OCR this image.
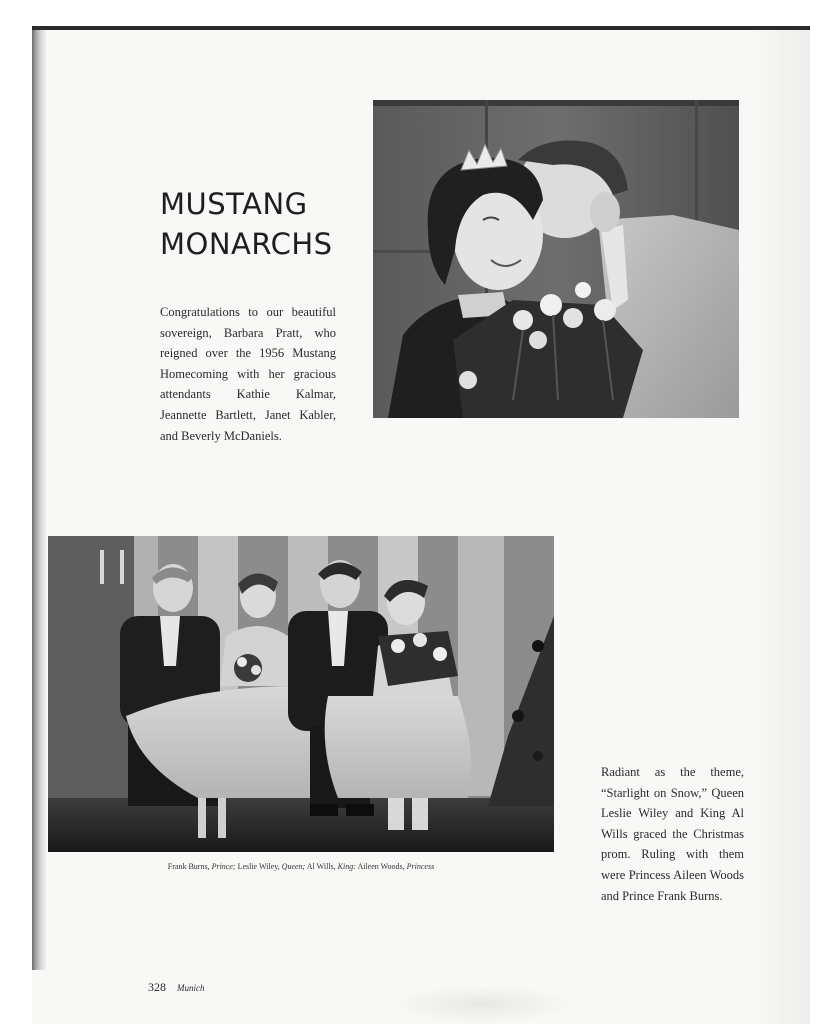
MUSTANG
MONARCHS

Congratulations to our beautiful sovereign, Barbara Pratt, who reigned over the 1956 Mustang Homecoming with her gracious attendants Kathie Kalmar, Jeannette Bartlett, Janet Kabler, and Beverly McDaniels.

Frank Burns, Prince; Leslie Wiley, Queen; Al Wills, King: Aileen Woods, Princess

Radiant as the theme, “Starlight on Snow,” Queen Leslie Wiley and King Al Wills graced the Christmas prom. Ruling with them were Princess Aileen Woods and Prince Frank Burns.

328 Munich
